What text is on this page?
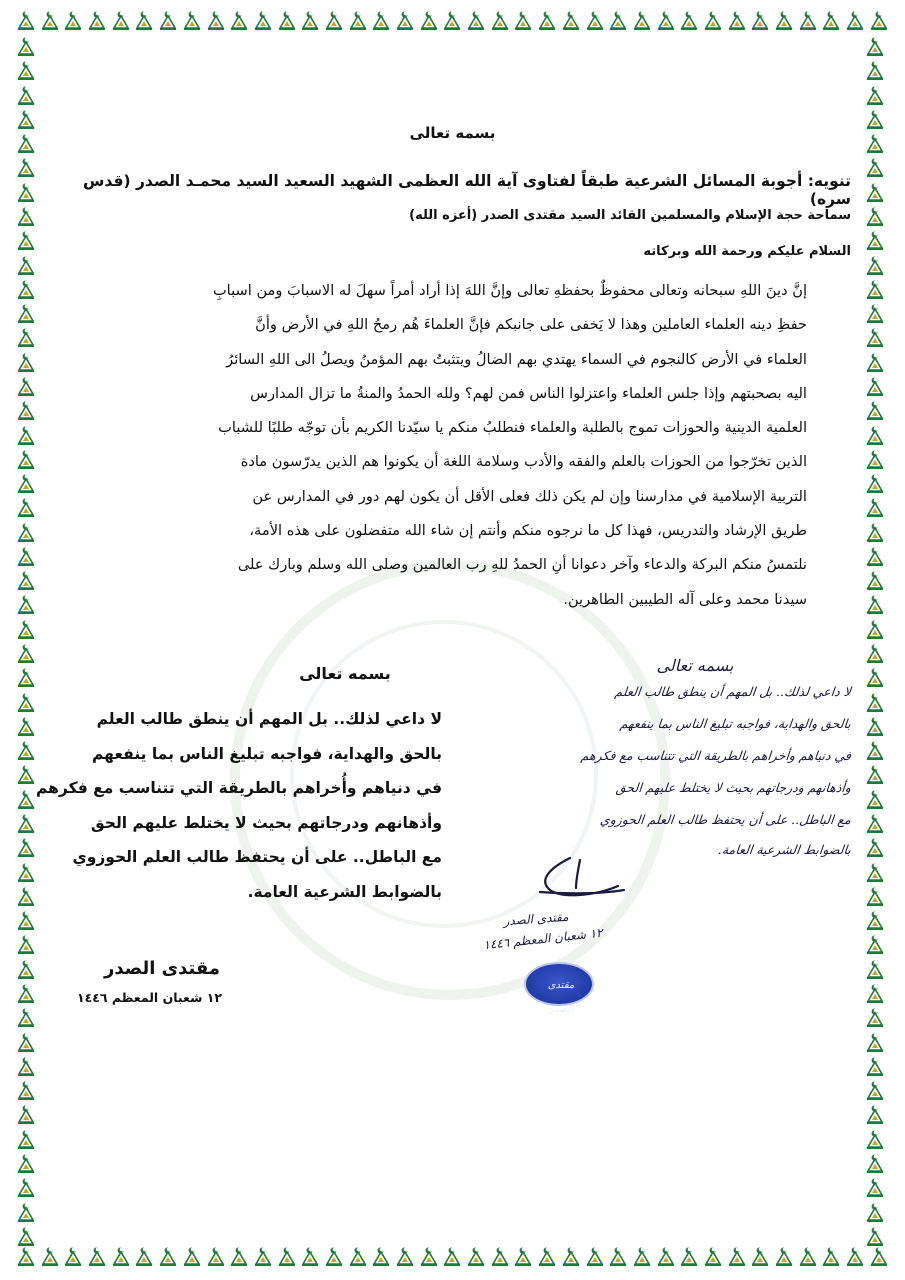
بسمه تعالى
تنويه: أجوبة المسائل الشرعية طبقاً لفتاوى آية الله العظمى الشهيد السعيد السيد محمـد الصدر (قدس سره)
سماحة حجة الإسلام والمسلمين القائد السيد مقتدى الصدر (أعزه الله)
السلام عليكم ورحمة الله وبركاته
إنَّ دينَ اللهِ سبحانه وتعالى محفوظٌ بحفظهِ تعالى وإنَّ اللهَ إذا أراد أمراً سهلَ له الاسبابَ ومن اسبابِ
حفظِ دينه العلماء العاملين وهذا لا يَخفى على جانبكم فإنَّ العلماءَ هُم رمحُ اللهِ في الأرض وأنَّ
العلماء في الأرض كالنجوم في السماء يهتدي بهم الضالُ ويتثبتُ بهم المؤمنُ ويصلُ الى اللهِ السائرُ
اليه بصحبتهم وإذا جلس العلماء واعتزلوا الناس فمن لهم؟ ولله الحمدُ والمنةُ ما تزال المدارس
العلمية الدينية والحوزات تموج بالطلبة والعلماء فنطلبُ منكم يا سيّدنا الكريم بأن توجّه طلبًا للشباب
الذين تخرّجوا من الحوزات بالعلم والفقه والأدب وسلامة اللغة أن يكونوا هم الذين يدرّسون مادة
التربية الإسلامية في مدارسنا وإن لم يكن ذلك فعلى الأقل أن يكون لهم دور في المدارس عن
طريق الإرشاد والتدريس، فهذا كل ما نرجوه منكم وأنتم إن شاء الله متفضلون على هذه الأمة،
نلتمسُ منكم البركة والدعاء وآخر دعوانا أنِ الحمدُ للهِ رب العالمين وصلى الله وسلم وبارك على
سيدنا محمد وعلى آله الطيبين الطاهرين.
بسمه تعالى
لا داعي لذلك.. بل المهم أن ينطق طالب العلم
بالحق والهداية، فواجبه تبليغ الناس بما ينفعهم
في دنياهم وأخراهم بالطريقة التي تتناسب مع فكرهم
وأذهانهم ودرجاتهم بحيث لا يختلط عليهم الحق
مع الباطل.. على أن يحتفظ طالب العلم الحوزوي
بالضوابط الشرعية العامة.
مقتدى الصدر
١٢ شعبان المعظم ١٤٤٦
مقتدى الصدر
بسمه تعالى
لا داعي لذلك.. بل المهم أن ينطق طالب العلم
بالحق والهداية، فواجبه تبليغ الناس بما ينفعهم
في دنياهم وأُخراهم بالطريقة التي تتناسب مع فكرهم
وأذهانهم ودرجاتهم بحيث لا يختلط عليهم الحق
مع الباطل.. على أن يحتفظ طالب العلم الحوزوي
بالضوابط الشرعية العامة.
مقتدى الصدر
١٢ شعبان المعظم ١٤٤٦
